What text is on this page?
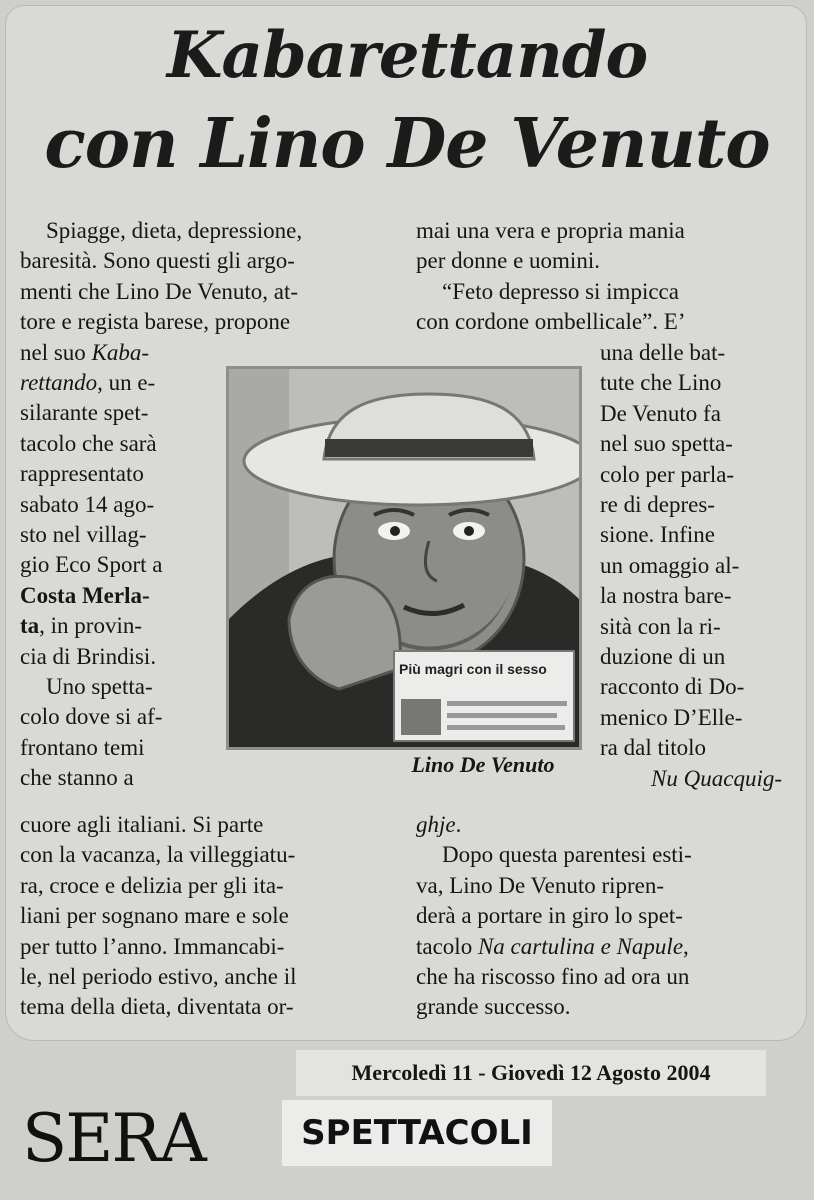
Kabarettando
con Lino De Venuto

Spiagge, dieta, depressione,

baresità. Sono questi gli argo-

menti che Lino De Venuto, at-

tore e regista barese, propone

nel suo Kaba-

rettando, un e-

silarante spet-

tacolo che sarà

rappresentato

sabato 14 ago-

sto nel villag-

gio Eco Sport a

Costa Merla-

ta, in provin-

cia di Brindisi.

Uno spetta-

colo dove si af-

frontano temi

che stanno a

cuore agli italiani. Si parte

con la vacanza, la villeggiatu-

ra, croce e delizia per gli ita-

liani per sognano mare e sole

per tutto l’anno. Immancabi-

le, nel periodo estivo, anche il

tema della dieta, diventata or-

mai una vera e propria mania

per donne e uomini.

“Feto depresso si impicca

con cordone ombellicale”. E’

una delle bat-

tute che Lino

De Venuto fa

nel suo spetta-

colo per parla-

re di depres-

sione. Infine

un omaggio al-

la nostra bare-

sità con la ri-

duzione di un

racconto di Do-

menico D’Elle-

ra dal titolo

Nu Quacquig-

ghje.

Dopo questa parentesi esti-

va, Lino De Venuto ripren-

derà a portare in giro lo spet-

tacolo Na cartulina e Napule,

che ha riscosso fino ad ora un

grande successo.

Più magri con il sesso
Lino De Venuto
Mercoledì 11 - Giovedì 12 Agosto 2004
SERA	SPETTACOLI
